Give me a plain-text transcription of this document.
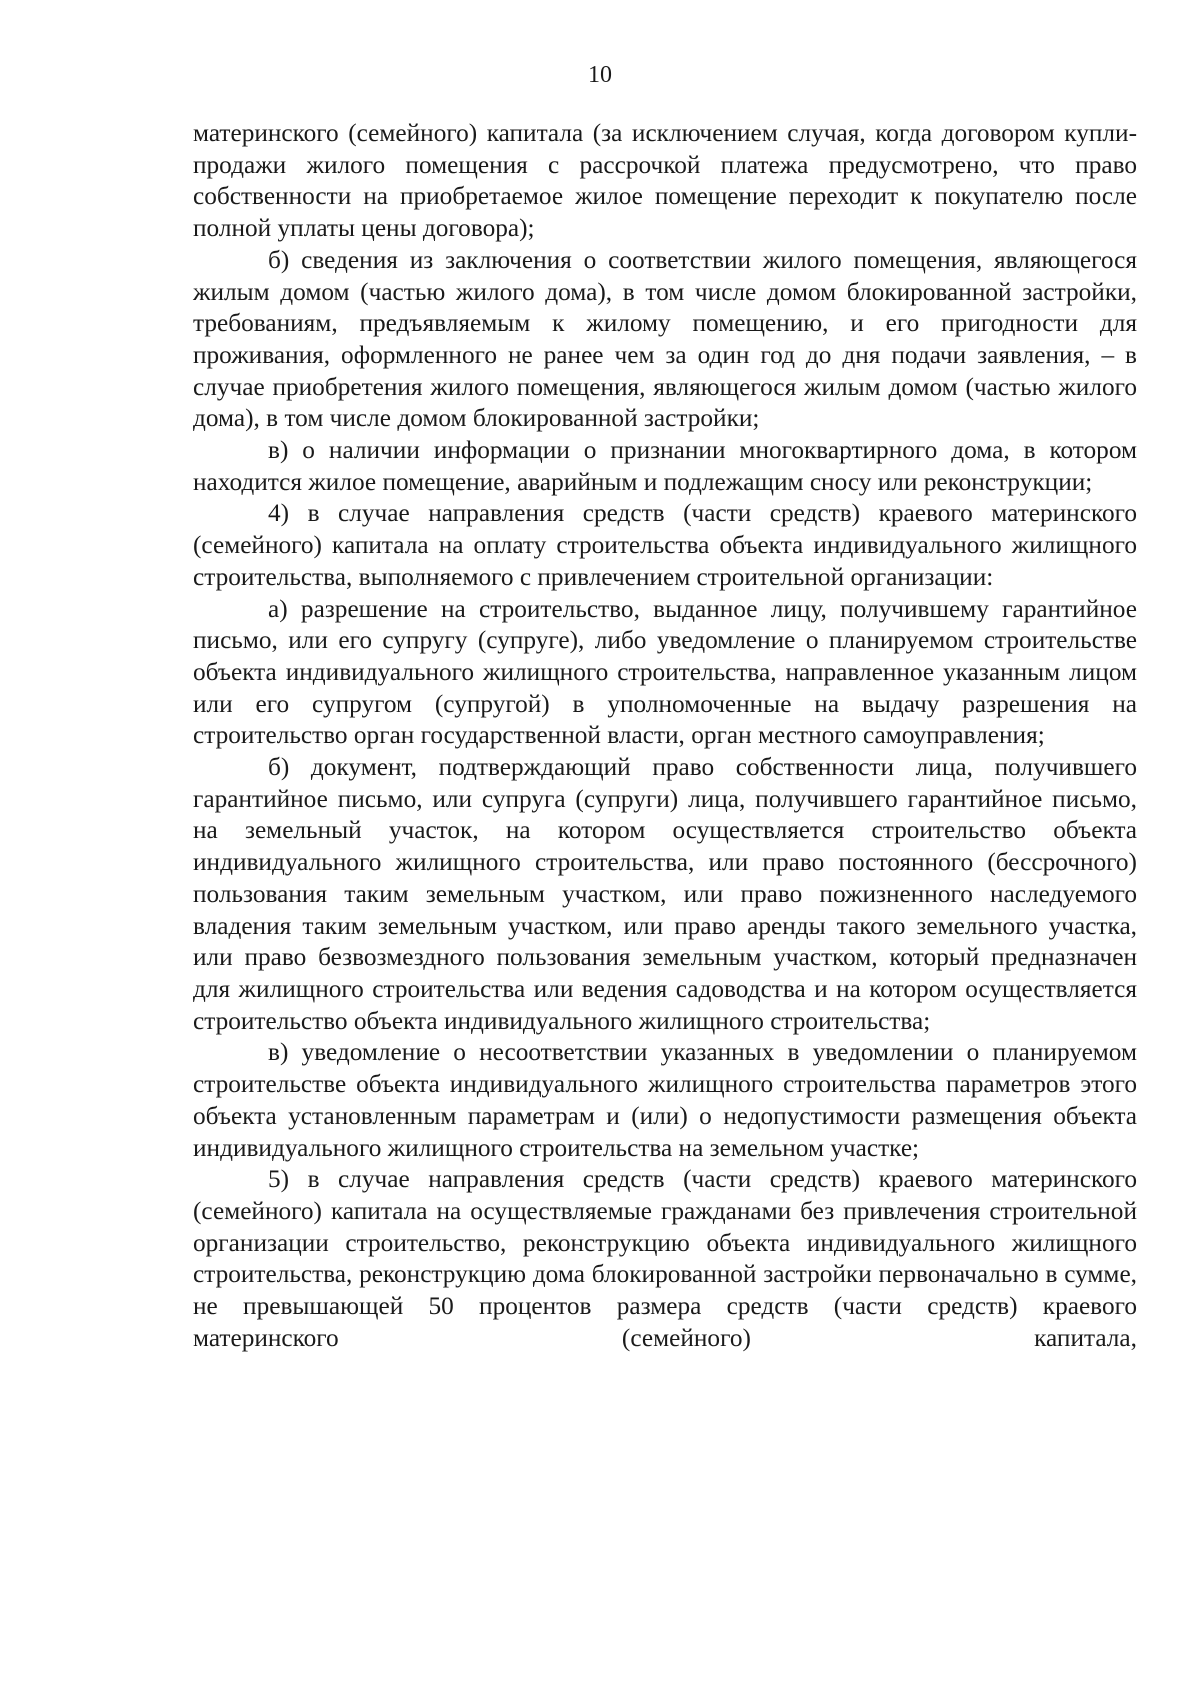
10

материнского (семейного) капитала (за исключением случая, когда договором купли-продажи жилого помещения с рассрочкой платежа предусмотрено, что право собственности на приобретаемое жилое помещение переходит к покупателю после полной уплаты цены договора);

б) сведения из заключения о соответствии жилого помещения, являющегося жилым домом (частью жилого дома), в том числе домом блокированной застройки, требованиям, предъявляемым к жилому помещению, и его пригодности для проживания, оформленного не ранее чем за один год до дня подачи заявления, – в случае приобретения жилого помещения, являющегося жилым домом (частью жилого дома), в том числе домом блокированной застройки;

в) о наличии информации о признании многоквартирного дома, в котором находится жилое помещение, аварийным и подлежащим сносу или реконструкции;

4) в случае направления средств (части средств) краевого материнского (семейного) капитала на оплату строительства объекта индивидуального жилищного строительства, выполняемого с привлечением строительной организации:

а) разрешение на строительство, выданное лицу, получившему гарантийное письмо, или его супругу (супруге), либо уведомление о планируемом строительстве объекта индивидуального жилищного строительства, направленное указанным лицом или его супругом (супругой) в уполномоченные на выдачу разрешения на строительство орган государственной власти, орган местного самоуправления;

б) документ, подтверждающий право собственности лица, получившего гарантийное письмо, или супруга (супруги) лица, получившего гарантийное письмо, на земельный участок, на котором осуществляется строительство объекта индивидуального жилищного строительства, или право постоянного (бессрочного) пользования таким земельным участком, или право пожизненного наследуемого владения таким земельным участком, или право аренды такого земельного участка, или право безвозмездного пользования земельным участком, который предназначен для жилищного строительства или ведения садоводства и на котором осуществляется строительство объекта индивидуального жилищного строительства;

в) уведомление о несоответствии указанных в уведомлении о планируемом строительстве объекта индивидуального жилищного строительства параметров этого объекта установленным параметрам и (или) о недопустимости размещения объекта индивидуального жилищного строительства на земельном участке;

5) в случае направления средств (части средств) краевого материнского (семейного) капитала на осуществляемые гражданами без привлечения строительной организации строительство, реконструкцию объекта индивидуального жилищного строительства, реконструкцию дома блокированной застройки первоначально в сумме, не превышающей 50 процентов размера средств (части средств) краевого материнского (семейного) капитала,
